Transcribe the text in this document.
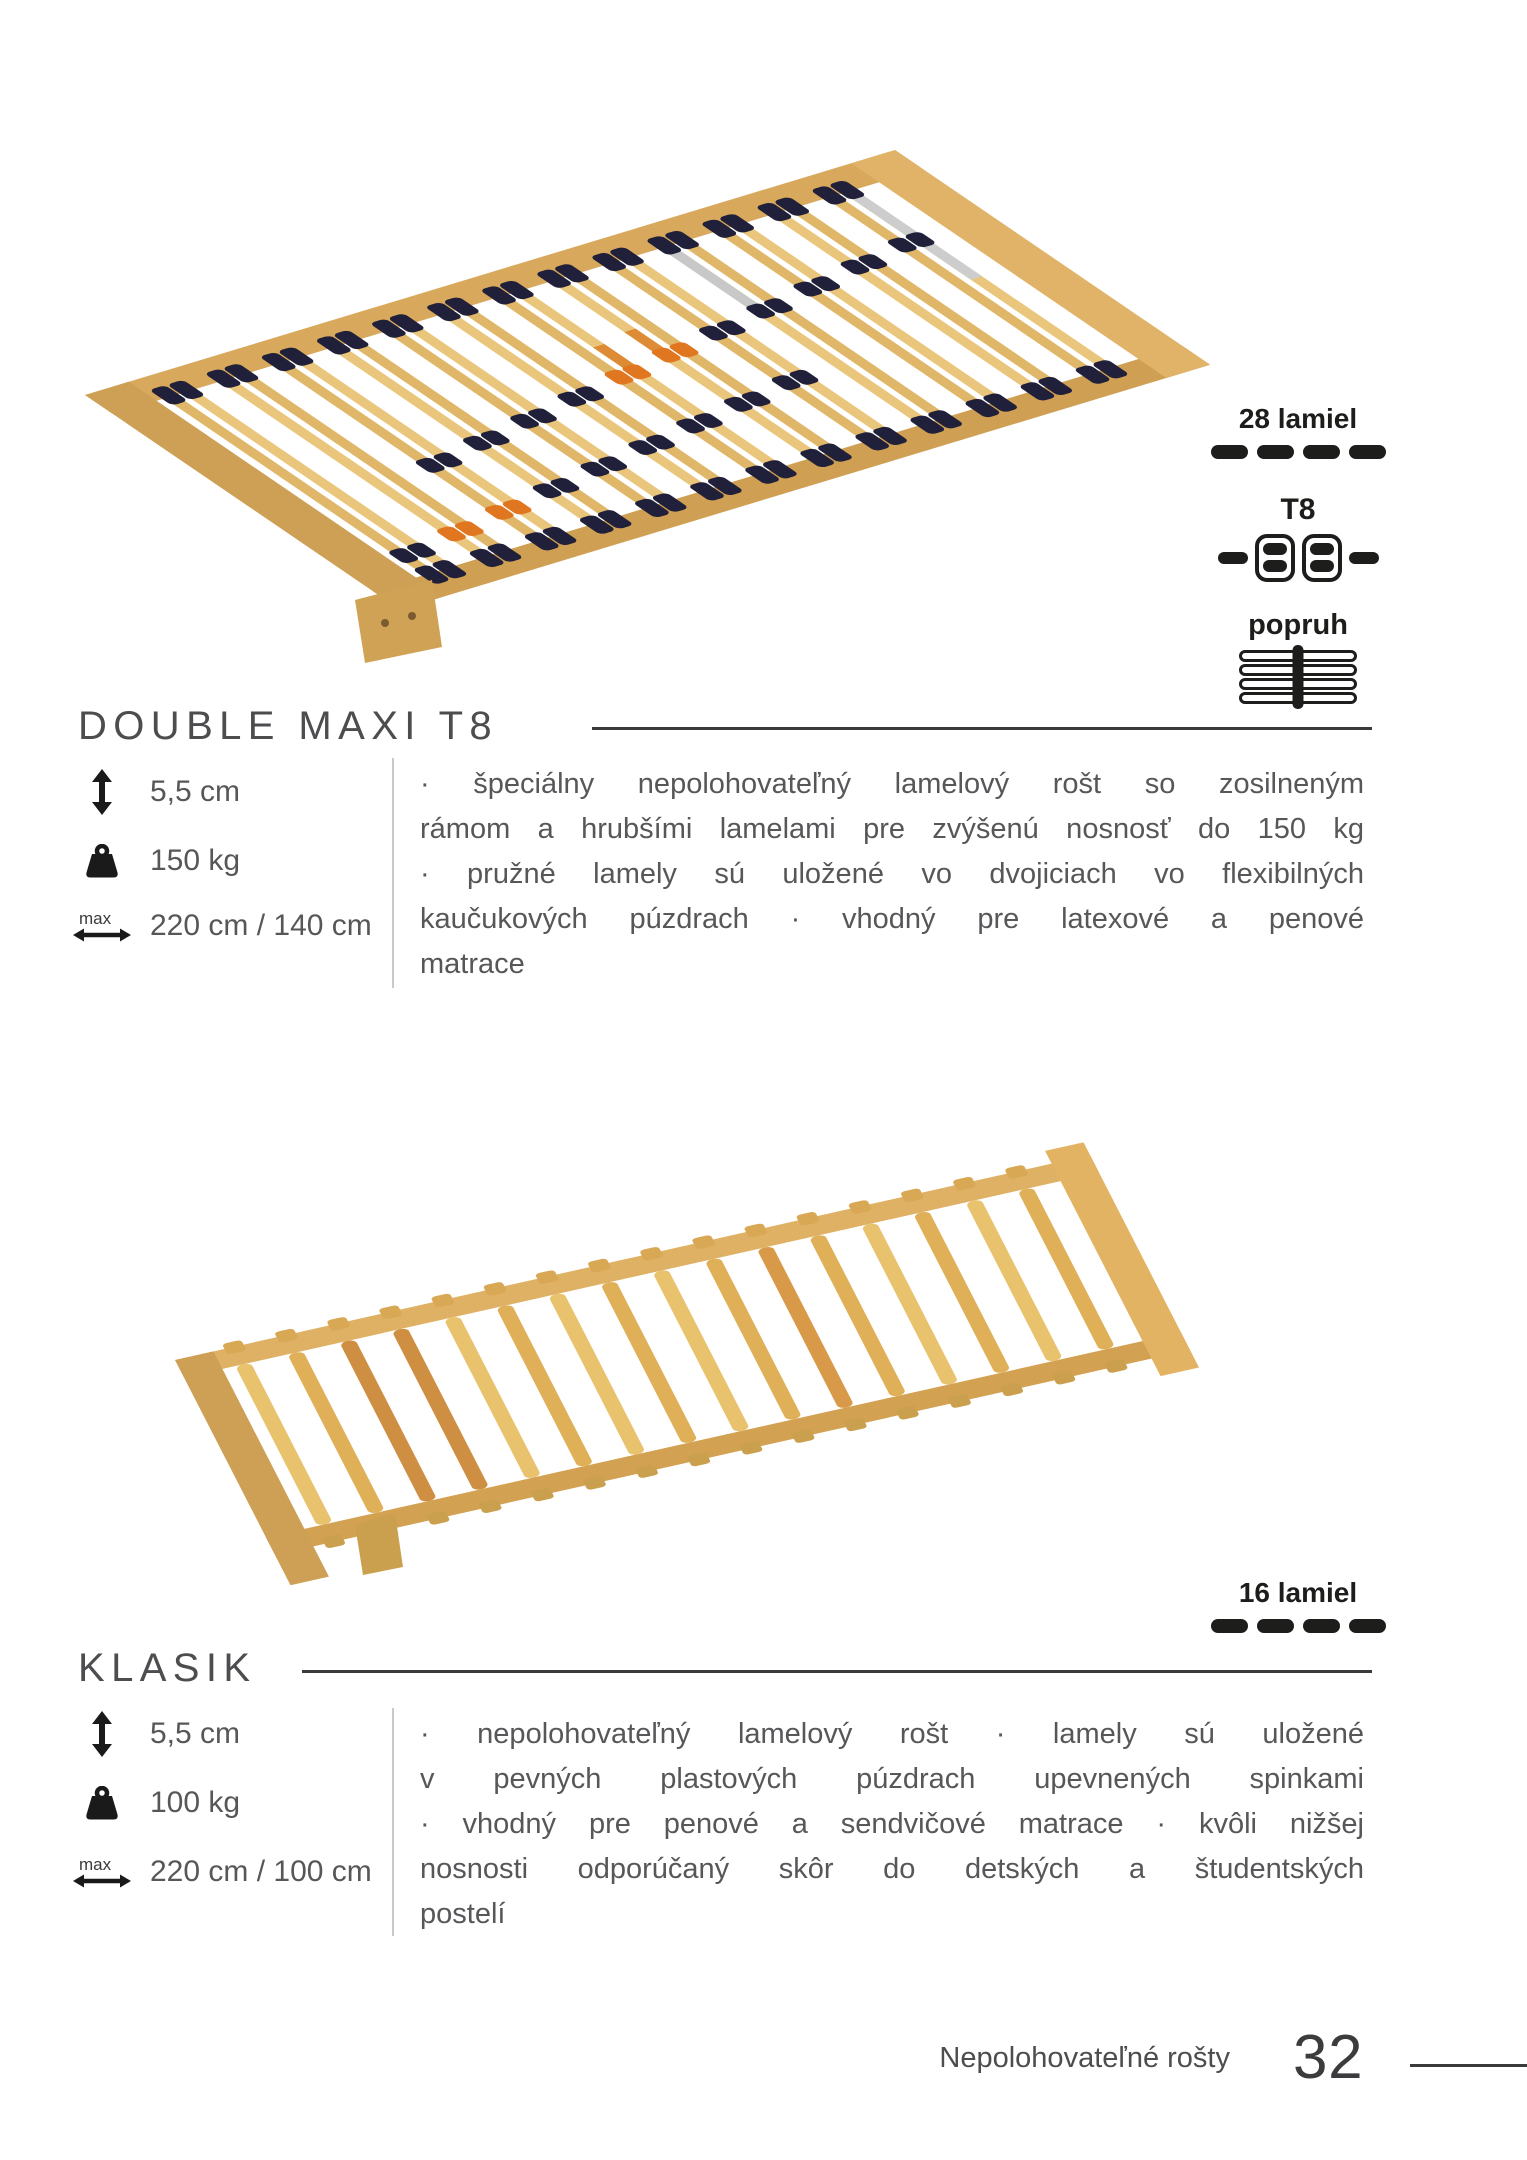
28 lamiel
T8
popruh
DOUBLE MAXI T8
5,5 cm
150 kg
max 220 cm / 140 cm
· špeciálny nepolohovateľný lamelový rošt so zosilneným
rámom a hrubšími lamelami pre zvýšenú nosnosť do 150 kg
· pružné lamely sú uložené vo dvojiciach vo flexibilných
kaučukových púzdrach · vhodný pre latexové a penové
matrace
16 lamiel
KLASIK
5,5 cm
100 kg
max 220 cm / 100 cm
· nepolohovateľný lamelový rošt · lamely sú uložené
v pevných plastových púzdrach upevnených spinkami
· vhodný pre penové a sendvičové matrace · kvôli nižšej
nosnosti odporúčaný skôr do detských a študentských
postelí
Nepolohovateľné rošty 32
